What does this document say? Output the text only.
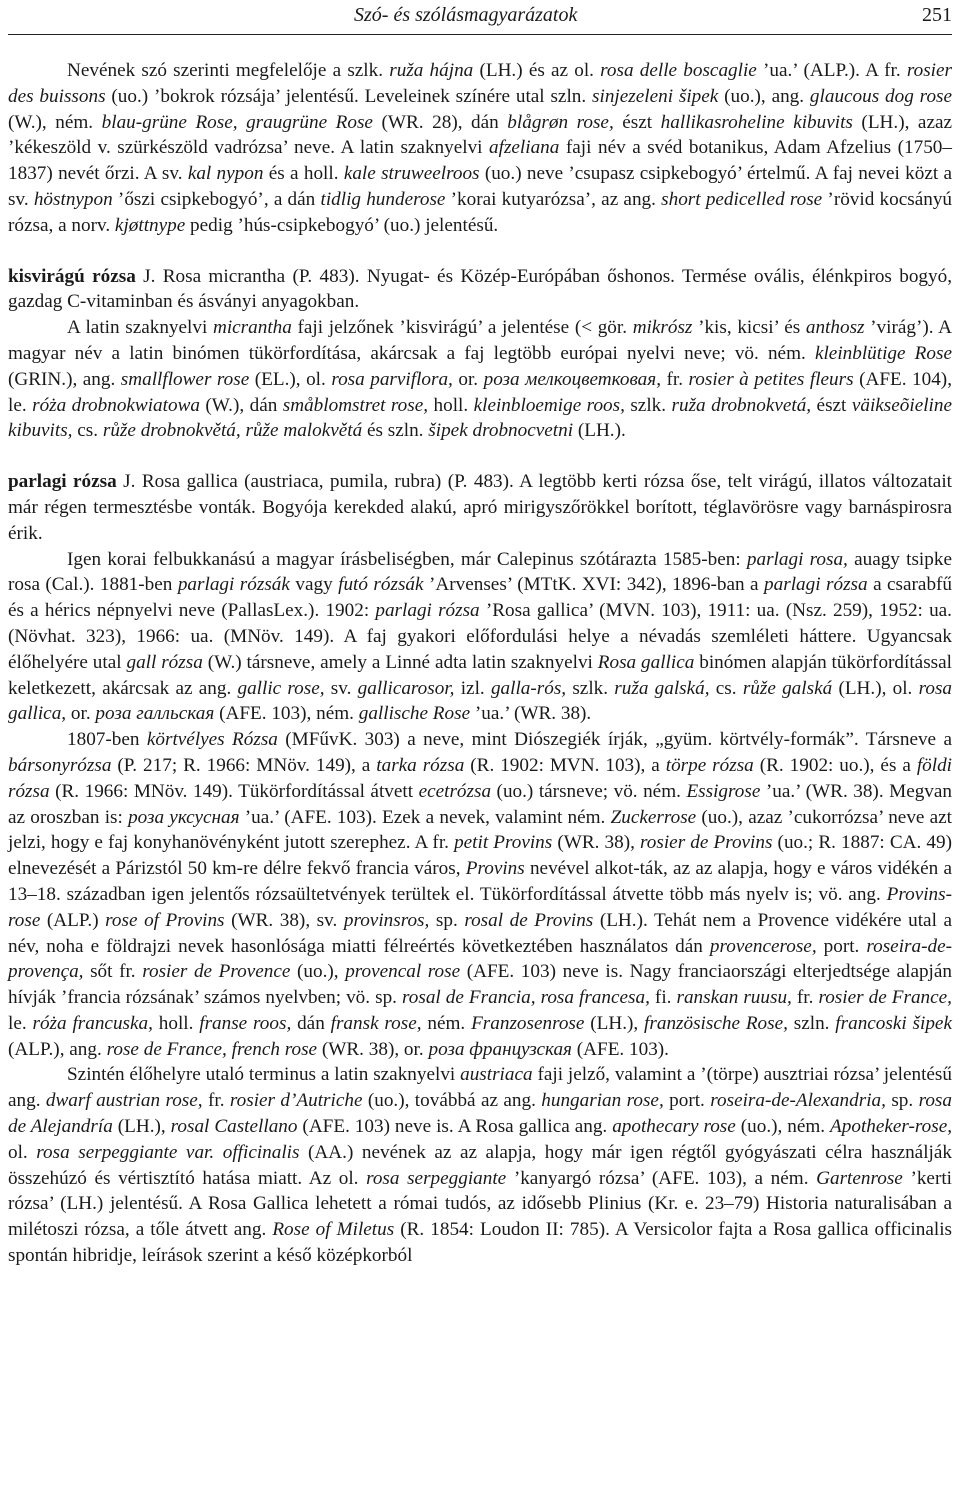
Szó- és szólásmagyarázatok	251

Nevének szó szerinti megfelelője a szlk. ruža hájna (LH.) és az ol. rosa delle boscaglie ’ua.’ (ALP.). A fr. rosier des buissons (uo.) ’bokrok rózsája’ jelentésű. Leveleinek színére utal szln. sinjezeleni šipek (uo.), ang. glaucous dog rose (W.), ném. blau-grüne Rose, graugrüne Rose (WR. 28), dán blågrøn rose, észt hallikasroheline kibuvits (LH.), azaz ’kékeszöld v. szürkészöld vadrózsa’ neve. A latin szaknyelvi afzeliana faji név a svéd botanikus, Adam Afzelius (1750–1837) nevét őrzi. A sv. kal nypon és a holl. kale struweelroos (uo.) neve ’csupasz csipkebogyó’ értelmű. A faj nevei közt a sv. höstnypon ’őszi csipkebogyó’, a dán tidlig hunderose ’korai kutyarózsa’, az ang. short pedicelled rose ’rövid kocsányú rózsa, a norv. kjøttnype pedig ’hús-csipkebogyó’ (uo.) jelentésű.

kisvirágú rózsa J. Rosa micrantha (P. 483). Nyugat- és Közép-Európában őshonos. Termése ovális, élénkpiros bogyó, gazdag C-vitaminban és ásványi anyagokban.

A latin szaknyelvi micrantha faji jelzőnek ’kisvirágú’ a jelentése (< gör. mikrósz ’kis, kicsi’ és anthosz ’virág’). A magyar név a latin binómen tükörfordítása, akárcsak a faj legtöbb európai nyelvi neve; vö. ném. kleinblütige Rose (GRIN.), ang. smallflower rose (EL.), ol. rosa parviflora, or. роза мелкоцветковая, fr. rosier à petites fleurs (AFE. 104), le. róża drobnokwiatowa (W.), dán småblomstret rose, holl. kleinbloemige roos, szlk. ruža drobnokvetá, észt väikseõieline kibuvits, cs. růže drobnokvětá, růže malokvětá és szln. šipek drobnocvetni (LH.).

parlagi rózsa J. Rosa gallica (austriaca, pumila, rubra) (P. 483). A legtöbb kerti rózsa őse, telt virágú, illatos változatait már régen termesztésbe vonták. Bogyója kerekded alakú, apró mirigyszőrökkel borított, téglavörösre vagy barnáspirosra érik.

Igen korai felbukkanású a magyar írásbeliségben, már Calepinus szótárazta 1585-ben: parlagi rosa, auagy tsipke rosa (Cal.). 1881-ben parlagi rózsák vagy futó rózsák ’Arvenses’ (MTtK. XVI: 342), 1896-ban a parlagi rózsa a csarabfű és a hérics népnyelvi neve (PallasLex.). 1902: parlagi rózsa ’Rosa gallica’ (MVN. 103), 1911: ua. (Nsz. 259), 1952: ua. (Növhat. 323), 1966: ua. (MNöv. 149). A faj gyakori előfordulási helye a névadás szemléleti háttere. Ugyancsak élőhelyére utal gall rózsa (W.) társneve, amely a Linné adta latin szaknyelvi Rosa gallica binómen alapján tükörfordítással keletkezett, akárcsak az ang. gallic rose, sv. gallicarosor, izl. galla-rós, szlk. ruža galská, cs. růže galská (LH.), ol. rosa gallica, or. роза галльская (AFE. 103), ném. gallische Rose ’ua.’ (WR. 38).

1807-ben körtvélyes Rózsa (MFűvK. 303) a neve, mint Diószegiék írják, „gyüm. körtvély-formák”. Társneve a bársonyrózsa (P. 217; R. 1966: MNöv. 149), a tarka rózsa (R. 1902: MVN. 103), a törpe rózsa (R. 1902: uo.), és a földi rózsa (R. 1966: MNöv. 149). Tükörfordítással átvett ecetrózsa (uo.) társneve; vö. ném. Essigrose ’ua.’ (WR. 38). Megvan az oroszban is: роза уксусная ’ua.’ (AFE. 103). Ezek a nevek, valamint ném. Zuckerrose (uo.), azaz ’cukorrózsa’ neve azt jelzi, hogy e faj konyhanövényként jutott szerephez. A fr. petit Provins (WR. 38), rosier de Provins (uo.; R. 1887: CA. 49) elnevezését a Párizstól 50 km-re délre fekvő francia város, Provins nevével alkot-ták, az az alapja, hogy e város vidékén a 13–18. században igen jelentős rózsaültetvények terültek el. Tükörfordítással átvette több más nyelv is; vö. ang. Provins-rose (ALP.) rose of Provins (WR. 38), sv. provinsros, sp. rosal de Provins (LH.). Tehát nem a Provence vidékére utal a név, noha e földrajzi nevek hasonlósága miatti félreértés következtében használatos dán provencerose, port. roseira-de-provença, sőt fr. rosier de Provence (uo.), provencal rose (AFE. 103) neve is. Nagy franciaországi elterjedtsége alapján hívják ’francia rózsának’ számos nyelvben; vö. sp. rosal de Francia, rosa francesa, fi. ranskan ruusu, fr. rosier de France, le. róża francuska, holl. franse roos, dán fransk rose, ném. Franzosenrose (LH.), französische Rose, szln. francoski šipek (ALP.), ang. rose de France, french rose (WR. 38), or. роза французская (AFE. 103).

Szintén élőhelyre utaló terminus a latin szaknyelvi austriaca faji jelző, valamint a ’(törpe) ausztriai rózsa’ jelentésű ang. dwarf austrian rose, fr. rosier d’Autriche (uo.), továbbá az ang. hungarian rose, port. roseira-de-Alexandria, sp. rosa de Alejandría (LH.), rosal Castellano (AFE. 103) neve is. A Rosa gallica ang. apothecary rose (uo.), ném. Apotheker-rose, ol. rosa serpeggiante var. officinalis (AA.) nevének az az alapja, hogy már igen régtől gyógyászati célra használják összehúzó és vértisztító hatása miatt. Az ol. rosa serpeggiante ’kanyargó rózsa’ (AFE. 103), a ném. Gartenrose ’kerti rózsa’ (LH.) jelentésű. A Rosa Gallica lehetett a római tudós, az idősebb Plinius (Kr. e. 23–79) Historia naturalisában a milétoszi rózsa, a tőle átvett ang. Rose of Miletus (R. 1854: Loudon II: 785). A Versicolor fajta a Rosa gallica officinalis spontán hibridje, leírások szerint a késő középkorból
